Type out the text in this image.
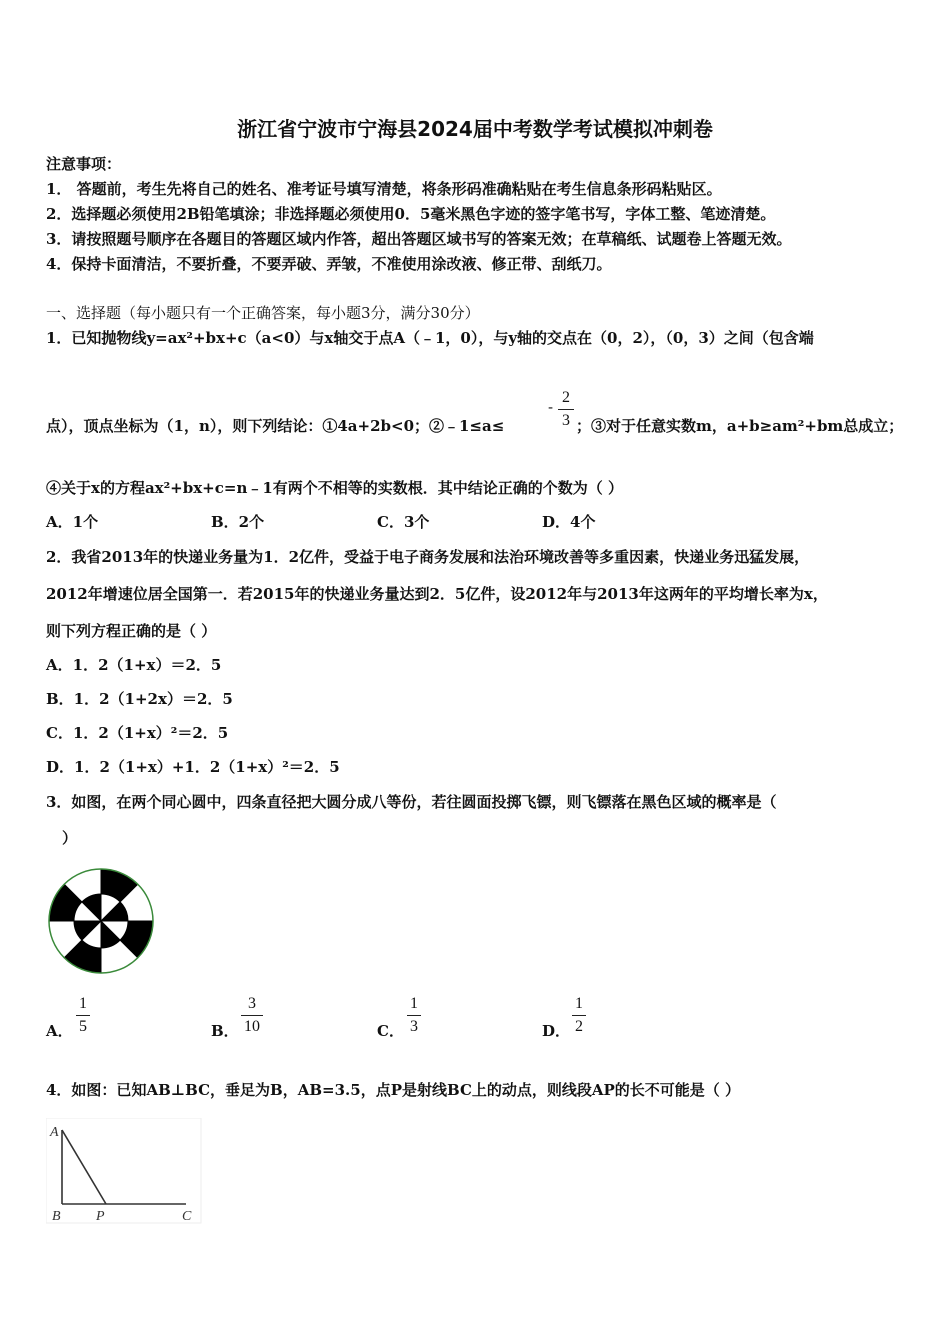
浙江省宁波市宁海县2024届中考数学考试模拟冲刺卷
注意事项：
1． 答题前，考生先将自己的姓名、准考证号填写清楚，将条形码准确粘贴在考生信息条形码粘贴区。
2．选择题必须使用2B铅笔填涂；非选择题必须使用0．5毫米黑色字迹的签字笔书写，字体工整、笔迹清楚。
3．请按照题号顺序在各题目的答题区域内作答，超出答题区域书写的答案无效；在草稿纸、试题卷上答题无效。
4．保持卡面清洁，不要折叠，不要弄破、弄皱，不准使用涂改液、修正带、刮纸刀。
一、选择题（每小题只有一个正确答案，每小题3分，满分30分）
1．已知抛物线y=ax²+bx+c（a<0）与x轴交于点A（﹣1，0），与y轴的交点在（0，2），（0，3）之间（包含端
点），顶点坐标为（1，n），则下列结论：①4a+2b<0；②﹣1≤a≤
-
2
3 ；③对于任意实数m，a+b≥am²+bm总成立；
④关于x的方程ax²+bx+c=n﹣1有两个不相等的实数根．其中结论正确的个数为（ ）
A．1个	B．2个	C．3个	D．4个
2．我省2013年的快递业务量为1．2亿件，受益于电子商务发展和法治环境改善等多重因素，快递业务迅猛发展，
2012年增速位居全国第一．若2015年的快递业务量达到2．5亿件，设2012年与2013年这两年的平均增长率为x，
则下列方程正确的是（ ）
A．1．2（1+x）＝2．5
B．1．2（1+2x）＝2．5
C．1．2（1+x）²＝2．5
D．1．2（1+x）+1．2（1+x）²＝2．5
3．如图，在两个同心圆中，四条直径把大圆分成八等份，若往圆面投掷飞镖，则飞镖落在黑色区域的概率是（
）
A．
1
5	B．
3
10	C．
1
3	D．
1
2
4．如图：已知AB⊥BC，垂足为B，AB=3.5，点P是射线BC上的动点，则线段AP的长不可能是（ ）
A
B	P	C
